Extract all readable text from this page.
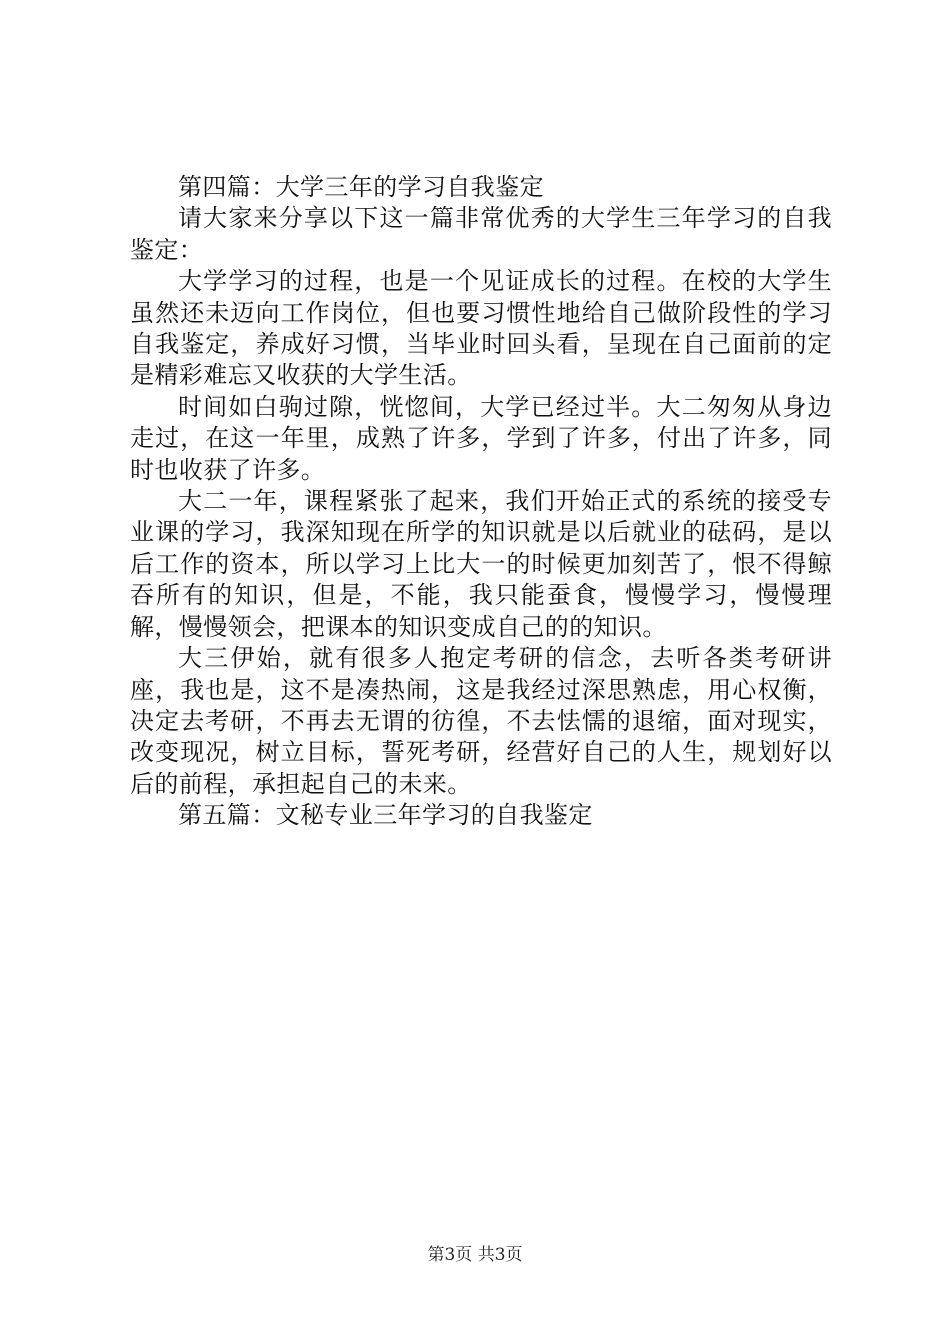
第四篇：大学三年的学习自我鉴定

请大家来分享以下这一篇非常优秀的大学生三年学习的自我鉴定：

大学学习的过程，也是一个见证成长的过程。在校的大学生虽然还未迈向工作岗位，但也要习惯性地给自己做阶段性的学习自我鉴定，养成好习惯，当毕业时回头看，呈现在自己面前的定是精彩难忘又收获的大学生活。

时间如白驹过隙，恍惚间，大学已经过半。大二匆匆从身边走过，在这一年里，成熟了许多，学到了许多，付出了许多，同时也收获了许多。

大二一年，课程紧张了起来，我们开始正式的系统的接受专业课的学习，我深知现在所学的知识就是以后就业的砝码，是以后工作的资本，所以学习上比大一的时候更加刻苦了，恨不得鲸吞所有的知识，但是，不能，我只能蚕食，慢慢学习，慢慢理解，慢慢领会，把课本的知识变成自己的的知识。

大三伊始，就有很多人抱定考研的信念，去听各类考研讲座，我也是，这不是凑热闹，这是我经过深思熟虑，用心权衡，决定去考研，不再去无谓的彷徨，不去怯懦的退缩，面对现实，改变现况，树立目标，誓死考研，经营好自己的人生，规划好以后的前程，承担起自己的未来。

第五篇：文秘专业三年学习的自我鉴定

第3页 共3页
